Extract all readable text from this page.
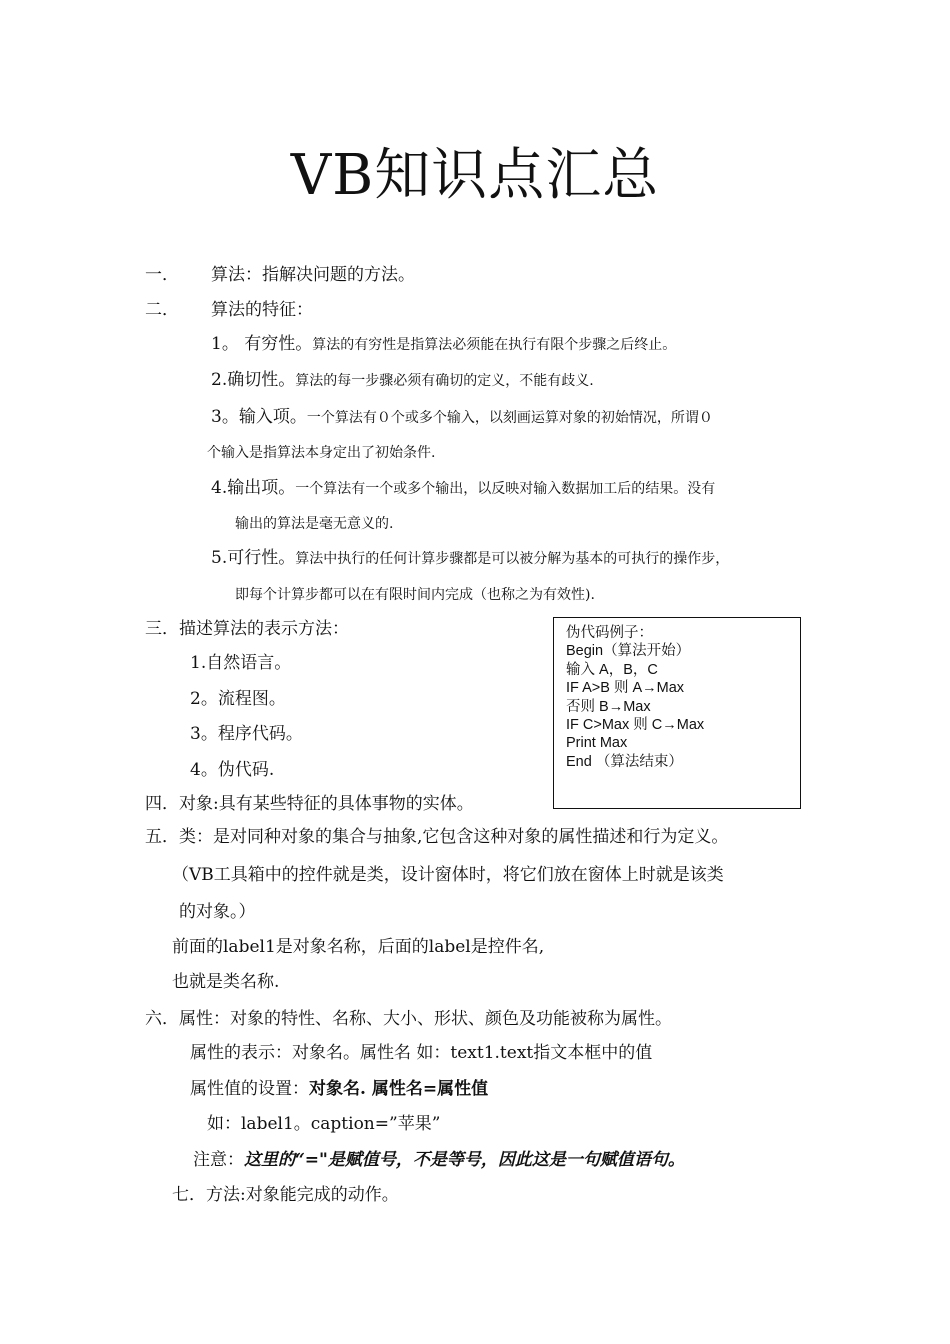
VB知识点汇总
一． 算法：指解决问题的方法。
二． 算法的特征：
1。 有穷性。算法的有穷性是指算法必须能在执行有限个步骤之后终止。
2.确切性。算法的每一步骤必须有确切的定义，不能有歧义.
3。输入项。一个算法有０个或多个输入，以刻画运算对象的初始情况，所谓０
个输入是指算法本身定出了初始条件.
4.输出项。一个算法有一个或多个输出，以反映对输入数据加工后的结果。没有
输出的算法是毫无意义的.
5.可行性。算法中执行的任何计算步骤都是可以被分解为基本的可执行的操作步，
即每个计算步都可以在有限时间内完成（也称之为有效性).
三．描述算法的表示方法：
1.自然语言。
2。流程图。
3。程序代码。
4。伪代码.
四．对象:具有某些特征的具体事物的实体。
五．类：是对同种对象的集合与抽象,它包含这种对象的属性描述和行为定义。
伪代码例子：
Begin（算法开始）
输入 A，B，C
IF A>B 则 A→Max
否则 B→Max
IF C>Max 则 C→Max
Print Max
End （算法结束）
（VB工具箱中的控件就是类，设计窗体时，将它们放在窗体上时就是该类
的对象。）
前面的label1是对象名称，后面的label是控件名,
也就是类名称.
六．属性：对象的特性、名称、大小、形状、颜色及功能被称为属性。
属性的表示：对象名。属性名 如：text1.text指文本框中的值
属性值的设置：对象名. 属性名=属性值
如：label1。caption=”苹果”
注意：这里的“="是赋值号，不是等号，因此这是一句赋值语句。
七．方法:对象能完成的动作。
